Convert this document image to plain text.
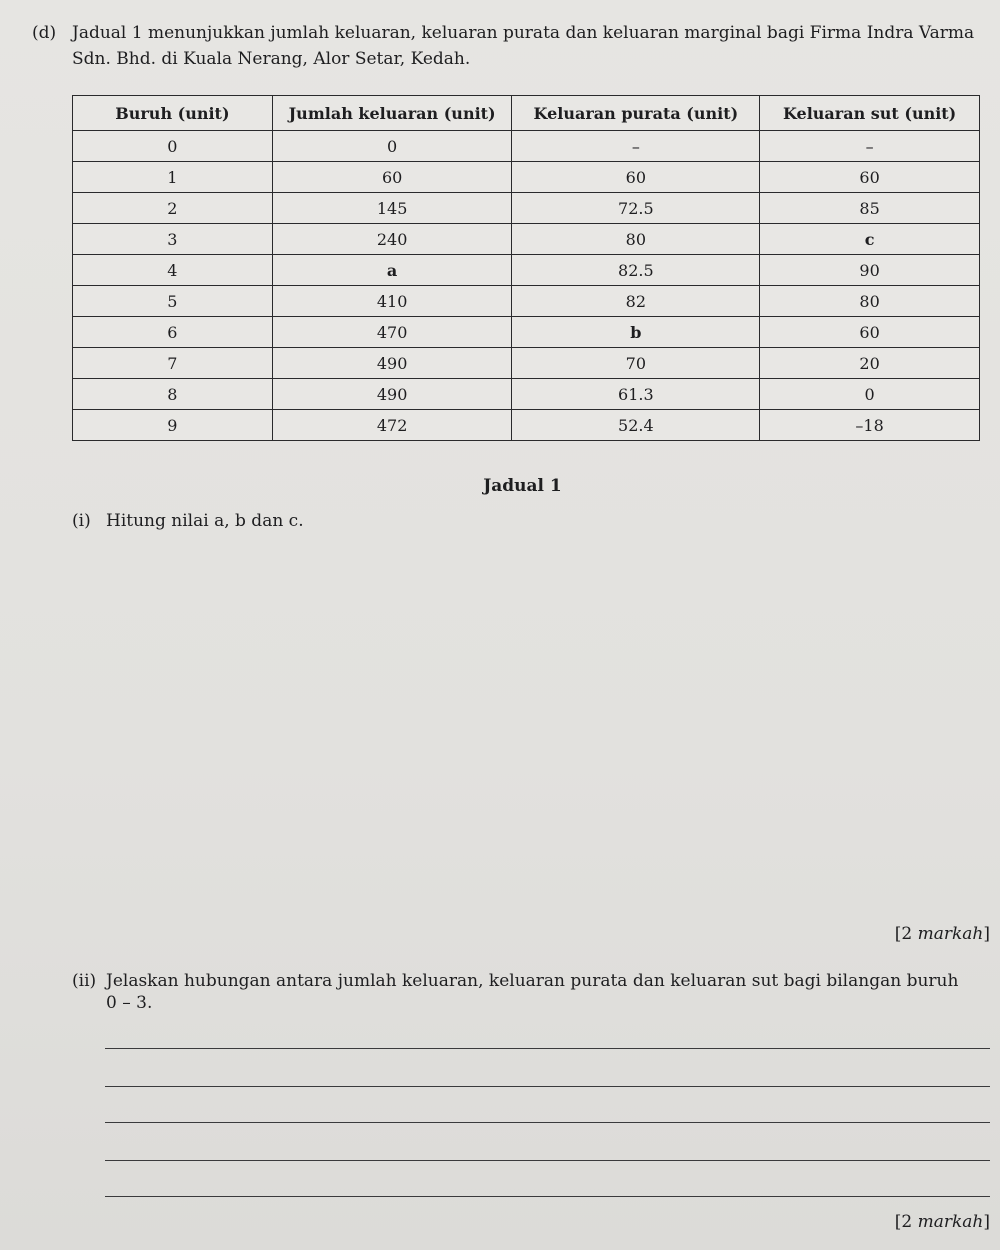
(d) Jadual 1 menunjukkan jumlah keluaran, keluaran purata dan keluaran marginal bagi Firma Indra Varma Sdn. Bhd. di Kuala Nerang, Alor Setar, Kedah.
Buruh (unit)	Jumlah keluaran (unit)	Keluaran purata (unit)	Keluaran sut (unit)
0	0	–	–
1	60	60	60
2	145	72.5	85
3	240	80	c
4	a	82.5	90
5	410	82	80
6	470	b	60
7	490	70	20
8	490	61.3	0
9	472	52.4	–18
Jadual 1
(i) Hitung nilai a, b dan c.
[2 markah]
(ii) Jelaskan hubungan antara jumlah keluaran, keluaran purata dan keluaran sut bagi bilangan buruh
0 – 3.
[2 markah]
